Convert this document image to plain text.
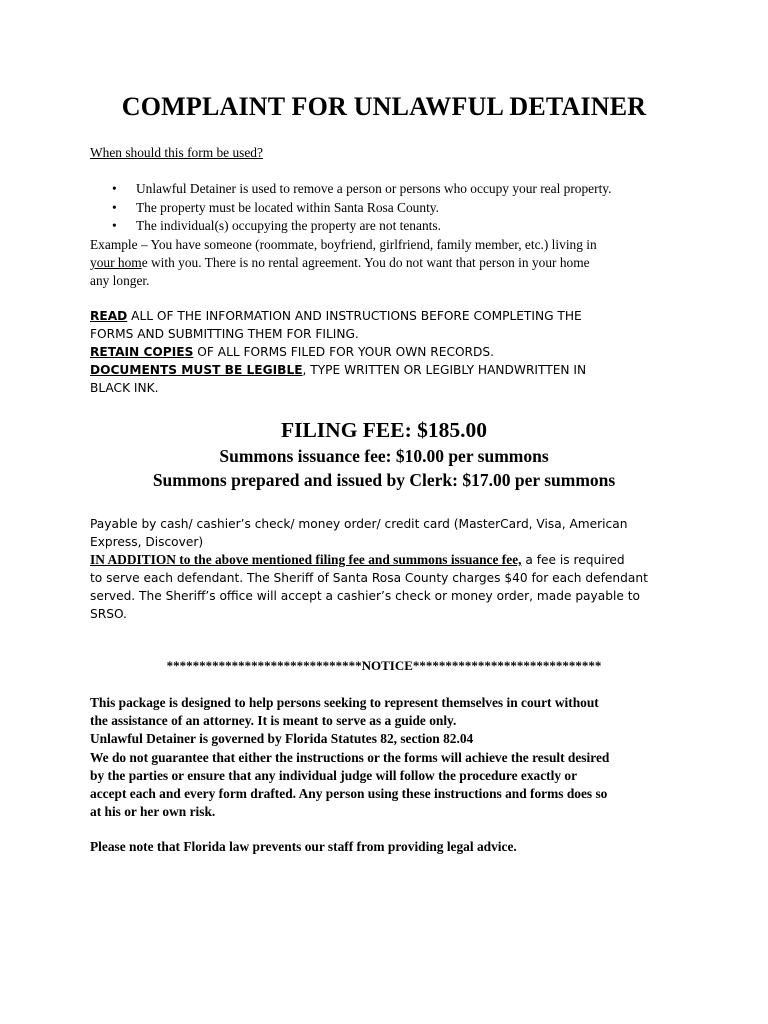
COMPLAINT FOR UNLAWFUL DETAINER
When should this form be used?
• Unlawful Detainer is used to remove a person or persons who occupy your real property.
• The property must be located within Santa Rosa County.
• The individual(s) occupying the property are not tenants.
Example – You have someone (roommate, boyfriend, girlfriend, family member, etc.) living in
your home with you. There is no rental agreement. You do not want that person in your home
any longer.
READ ALL OF THE INFORMATION AND INSTRUCTIONS BEFORE COMPLETING THE
FORMS AND SUBMITTING THEM FOR FILING.
RETAIN COPIES OF ALL FORMS FILED FOR YOUR OWN RECORDS.
DOCUMENTS MUST BE LEGIBLE, TYPE WRITTEN OR LEGIBLY HANDWRITTEN IN
BLACK INK.
FILING FEE: $185.00
Summons issuance fee: $10.00 per summons
Summons prepared and issued by Clerk: $17.00 per summons
Payable by cash/ cashier’s check/ money order/ credit card (MasterCard, Visa, American
Express, Discover)
IN ADDITION to the above mentioned filing fee and summons issuance fee, a fee is required
to serve each defendant. The Sheriff of Santa Rosa County charges $40 for each defendant
served. The Sheriff’s office will accept a cashier’s check or money order, made payable to
SRSO.
******************************NOTICE*****************************
This package is designed to help persons seeking to represent themselves in court without
the assistance of an attorney. It is meant to serve as a guide only.
Unlawful Detainer is governed by Florida Statutes 82, section 82.04
We do not guarantee that either the instructions or the forms will achieve the result desired
by the parties or ensure that any individual judge will follow the procedure exactly or
accept each and every form drafted. Any person using these instructions and forms does so
at his or her own risk.
Please note that Florida law prevents our staff from providing legal advice.
